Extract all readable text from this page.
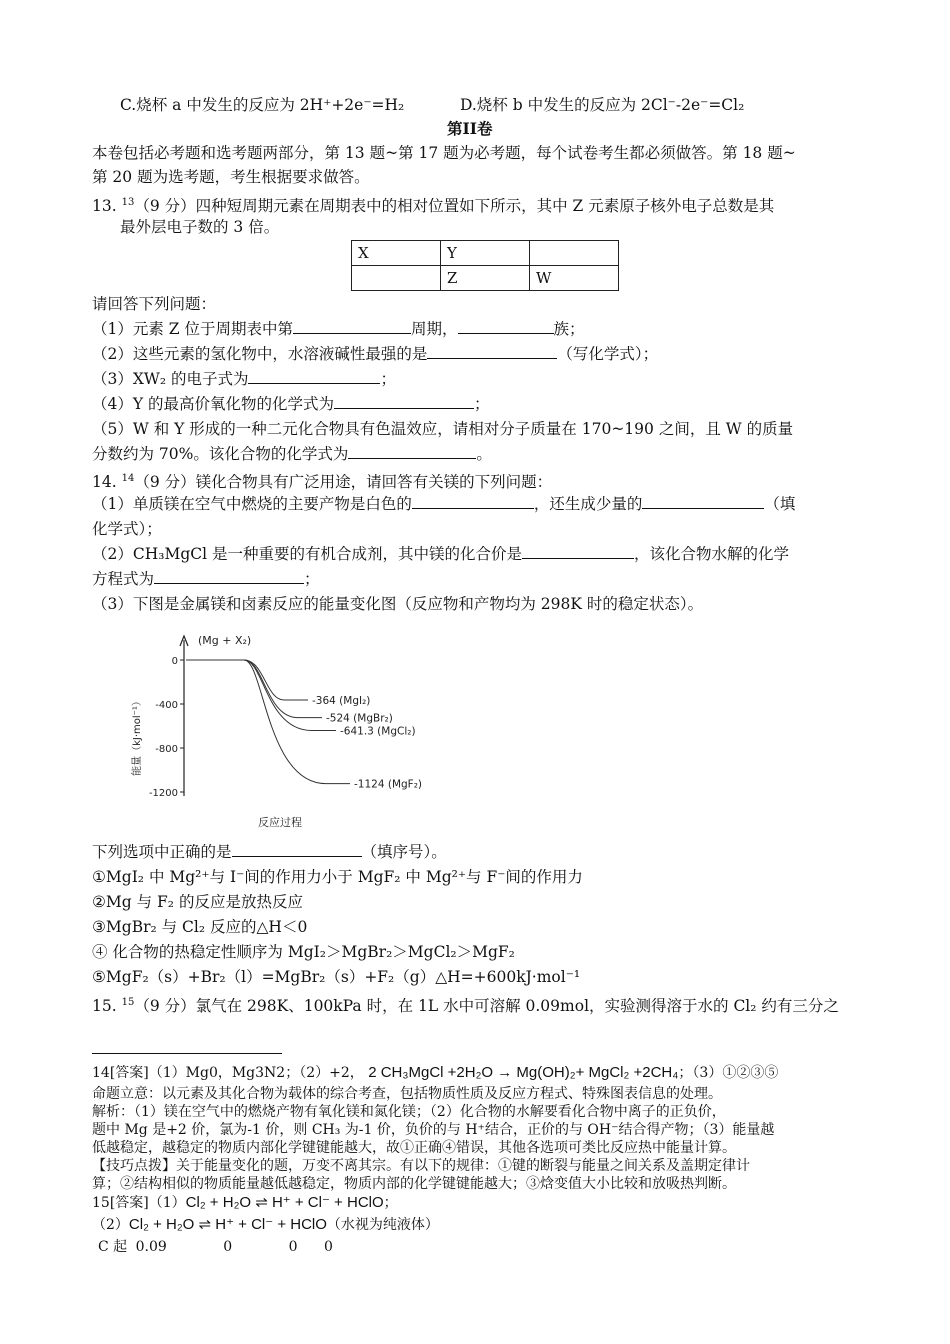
C.烧杯 a 中发生的反应为 2H⁺+2e⁻=H₂	D.烧杯 b 中发生的反应为 2Cl⁻-2e⁻=Cl₂
第II卷
本卷包括必考题和选考题两部分，第 13 题~第 17 题为必考题，每个试卷考生都必须做答。第 18 题~
第 20 题为选考题，考生根据要求做答。
13. $^{13}$（9 分）四种短周期元素在周期表中的相对位置如下所示，其中 Z 元素原子核外电子总数是其
最外层电子数的 3 倍。
X	Y	
	Z	W
请回答下列问题：
（1）元素 Z 位于周期表中第	周期，	族；
（2）这些元素的氢化物中，水溶液碱性最强的是	（写化学式）；
（3）XW₂ 的电子式为	；
（4）Y 的最高价氧化物的化学式为	；
（5）W 和 Y 形成的一种二元化合物具有色温效应，请相对分子质量在 170~190 之间，且 W 的质量
分数约为 70%。该化合物的化学式为	。
14. $^{14}$（9 分）镁化合物具有广泛用途，请回答有关镁的下列问题：
（1）单质镁在空气中燃烧的主要产物是白色的	，还生成少量的	（填
化学式）；
（2）CH₃MgCl 是一种重要的有机合成剂，其中镁的化合价是	，该化合物水解的化学
方程式为	；
（3）下图是金属镁和卤素反应的能量变化图（反应物和产物均为 298K 时的稳定状态）。
0
-400
-800
-1200
(Mg + X₂)
能量（kJ·mol⁻¹）	-364 (MgI₂)
-524 (MgBr₂)
-641.3 (MgCl₂)
-1124 (MgF₂)
反应过程
下列选项中正确的是	（填序号）。
①MgI₂ 中 Mg²⁺与 I⁻间的作用力小于 MgF₂ 中 Mg²⁺与 F⁻间的作用力
②Mg 与 F₂ 的反应是放热反应
③MgBr₂ 与 Cl₂ 反应的△H＜0
④ 化合物的热稳定性顺序为 MgI₂＞MgBr₂＞MgCl₂＞MgF₂
⑤MgF₂（s）+Br₂（l）=MgBr₂（s）+F₂（g）△H=+600kJ·mol⁻¹
15. $^{15}$（9 分）氯气在 298K、100kPa 时，在 1L 水中可溶解 0.09mol，实验测得溶于水的 Cl₂ 约有三分之
14[答案]（1）Mg0，Mg3N2；（2）+2， 2 CH₃MgCl +2H₂O → Mg(OH)₂+ MgCl₂ +2CH₄；（3）①②③⑤
命题立意：以元素及其化合物为载体的综合考查，包括物质性质及反应方程式、特殊图表信息的处理。
解析：（1）镁在空气中的燃烧产物有氧化镁和氮化镁；（2）化合物的水解要看化合物中离子的正负价，
题中 Mg 是+2 价，氯为-1 价，则 CH₃ 为-1 价，负价的与 H⁺结合，正价的与 OH⁻结合得产物；（3）能量越
低越稳定，越稳定的物质内部化学键键能越大，故①正确④错误，其他各选项可类比反应热中能量计算。
【技巧点拨】关于能量变化的题，万变不离其宗。有以下的规律：①键的断裂与能量之间关系及盖期定律计
算；②结构相似的物质能量越低越稳定，物质内部的化学键键能越大；③焓变值大小比较和放吸热判断。
15[答案]（1）Cl₂ + H₂O ⇌ H⁺ + Cl⁻ + HClO；
（2）Cl₂ + H₂O ⇌ H⁺ + Cl⁻ + HClO（水视为纯液体）
C 起 0.09	0	0 0
